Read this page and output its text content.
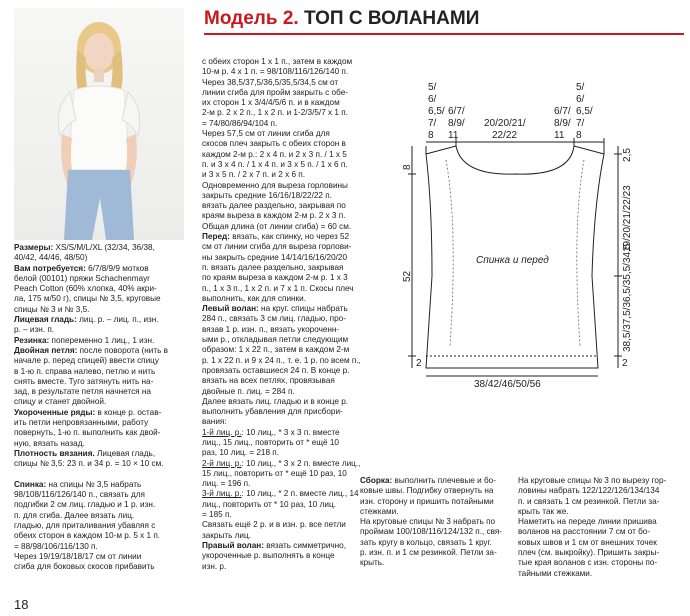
Модель 2. ТОП С ВОЛАНАМИ

Размеры: XS/S/M/L/XL (32/34, 36/38,

40/42, 44/46, 48/50)

Вам потребуется: 6/7/8/9/9 мотков

белой (00101) пряжи Schachenmayr

Peach Cotton (60% хлопка, 40% акри-

ла, 175 м/50 г), спицы № 3,5, круговые

спицы № 3 и № 3,5.

Лицевая гладь: лиц. р. – лиц. п., изн.

р. – изн. п.

Резинка: попеременно 1 лиц., 1 изн.

Двойная петля: после поворота (нить в

начале р. перед спицей) ввести спицу

в 1-ю п. справа налево, петлю и нить

снять вместе. Туго затянуть нить на-

зад, в результате петля начнется на

спицу и станет двойной.

Укороченные ряды: в конце р. остав-

ить петли непровязанными, работу

повернуть, 1-ю п. выполнить как двой-

ную, вязать назад.

Плотность вязания. Лицевая гладь,

спицы № 3,5: 23 п. и 34 р. = 10 × 10 см.

Спинка: на спицы № 3,5 набрать

98/108/116/126/140 п., связать для

подгибки 2 см лиц. гладью и 1 р. изн.

п. для сгиба. Далее вязать лиц.

гладью, для приталивания убавляя с

обеих сторон в каждом 10-м р. 5 х 1 п.

= 88/98/106/116/130 п.

Через 19/19/18/18/17 см от линии

сгиба для боковых скосов прибавить

с обеих сторон 1 х 1 п., затем в каждом

10-м р. 4 х 1 п. = 98/108/116/126/140 п.

Через 38,5/37,5/36,5/35,5/34,5 см от

линии сгиба для пройм закрыть с обе-

их сторон 1 х 3/4/4/5/6 п. и в каждом

2-м р. 2 х 2 п., 1 х 2 п. и 1-2/3/5/7 х 1 п.

= 74/80/86/94/104 п.

Через 57,5 см от линии сгиба для

скосов плеч закрыть с обеих сторон в

каждом 2-м р.: 2 х 4 п. и 2 х 3 п. / 1 х 5

п. и 3 х 4 п. / 1 х 4 п. и 3 х 5 п. / 1 х 6 п.

и 3 х 5 п. / 2 х 7 п. и 2 х 6 п.

Одновременно для выреза горловины

закрыть средние 16/16/18/22/22 п.

вязать далее раздельно, закрывая по

краям выреза в каждом 2-м р. 2 х 3 п.

Общая длина (от линии сгиба) = 60 см.

Перед: вязать, как спинку, но через 52

см от линии сгиба для выреза горлови-

ны закрыть средние 14/14/16/16/20/20

п. вязать далее раздельно, закрывая

по краям выреза в каждом 2-м р. 1 х 3

п., 1 х 3 п., 1 х 2 п. и 7 х 1 п. Скосы плеч

выполнить, как для спинки.

Левый волан: на круг. спицы набрать

284 п., связать 3 см лиц. гладью, про-

вязав 1 р. изн. п., вязать укороченн-

ыми р., откладывая петли следующим

образом: 1 х 22 п., затем в каждом 2-м

р. 1 х 22 п. и 9 х 24 п., т. е. 1 р. по всем п.,

провязать оставшиеся 24 п. В конце р.

вязать на всех петлях, провязывая

двойные п. лиц. = 284 п.

Далее вязать лиц. гладью и в конце р.

выполнить убавления для присбори-

вания:

1-й лиц. р.: 10 лиц., * 3 х 3 п. вместе

лиц., 15 лиц., повторить от * ещё 10

раз, 10 лиц. = 218 п.

2-й лиц. р.: 10 лиц., * 3 х 2 п. вместе лиц.,

15 лиц., повторить от * ещё 10 раз, 10

лиц. = 196 п.

3-й лиц. р.: 10 лиц., * 2 п. вместе лиц., 14

лиц., повторить от * 10 раз, 10 лиц.

= 185 п.

Связать ещё 2 р. и в изн. р. все петли

закрыть лиц.

Правый волан: вязать симметрично,

укороченные р. выполнять в конце

изн. р.

Сборка: выполнить плечевые и бо-

ковые швы. Подгибку отвернуть на

изн. сторону и пришить потайными

стежками.

На круговые спицы № 3 набрать по

проймам 100/108/116/124/132 п., свя-

зать кругу в кольцо, связать 1 круг.

р. изн. п. и 1 см резинкой. Петли за-

крыть.

На круговые спицы № 3 по вырезу гор-

ловины набрать 122/122/126/134/134

п. и связать 1 см резинкой. Петли за-

крыть так же.

Наметить на переде линии пришива

воланов на расстоянии 7 см от бо-

ковых швов и 1 см от внешних точек

плеч (см. выкройку). Пришить закры-

тые края воланов с изн. стороны по-

тайными стежками.

5/ 6/ 6,5/ 7/ 8
6/7/ 8/9/ 11
20/20/21/ 22/22
6/7/ 8/9/ 11
5/ 6/ 6,5/ 7/ 8
2,5
8
19/20/21/22/23
38,5/37,5/36,5/35,5/34,5
52
2	2
38/42/46/50/56
Спинка и перед
18
